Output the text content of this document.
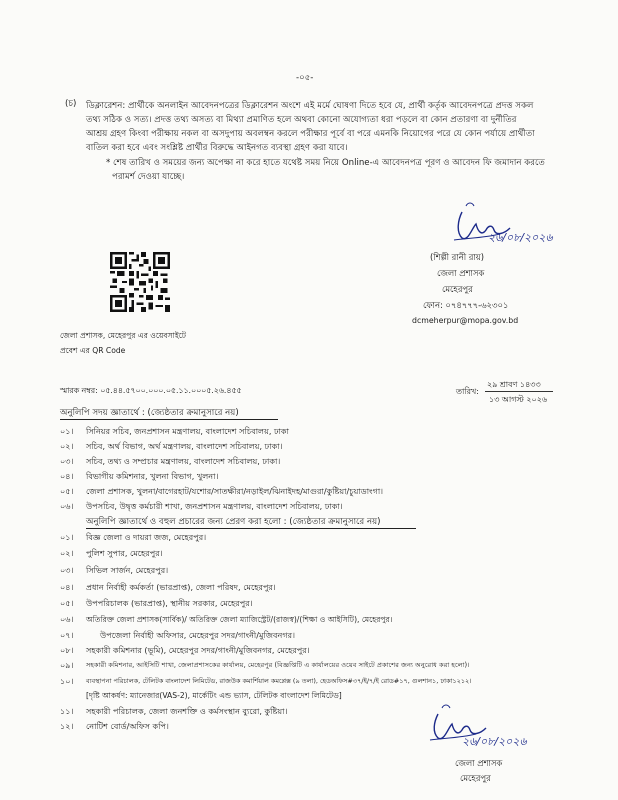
-০৫-
(চ) ডিক্লারেশন: প্রার্থীকে অনলাইন আবেদনপত্রের ডিক্লারেশন অংশে এই মর্মে ঘোষণা দিতে হবে যে, প্রার্থী কর্তৃক আবেদনপত্রে প্রদত্ত সকল
তথ্য সঠিক ও সত্য। প্রদত্ত তথ্য অসত্য বা মিথ্যা প্রমাণিত হলে অথবা কোনো অযোগ্যতা ধরা পড়লে বা কোন প্রতারণা বা দুর্নীতির
আশ্রয় গ্রহণ কিংবা পরীক্ষায় নকল বা অসদুপায় অবলম্বন করলে পরীক্ষার পূর্বে বা পরে এমনকি নিয়োগের পরে যে কোন পর্যায়ে প্রার্থীতা
বাতিল করা হবে এবং সংশ্লিষ্ট প্রার্থীর বিরুদ্ধে আইনগত ব্যবস্থা গ্রহণ করা যাবে।
* শেষ তারিখ ও সময়ের জন্য অপেক্ষা না করে হাতে যথেষ্ট সময় নিয়ে Online-এ আবেদনপত্র পূরণ ও আবেদন ফি জমাদান করতে
পরামর্শ দেওয়া যাচ্ছে।
২৬/০৮/২০২৬
(শিল্পী রানী রায়)
জেলা প্রশাসক
মেহেরপুর
ফোন: ০৭৪৭৭৭-৬২৩০১
dcmeherpur@mopa.gov.bd
জেলা প্রশাসক, মেহেরপুর এর ওয়েবসাইটে
প্রবেশ এর QR Code
স্মারক নম্বর: ০৫.৪৪.৫৭০০.০০০.০৫.১১.০০০৫.২৬.৪৫৫	তারিখ:
২৯ শ্রাবণ ১৪৩৩
১৩ আগস্ট ২০২৬
অনুলিপি সদয় জ্ঞাতার্থে : (জ্যেষ্ঠতার ক্রমানুসারে নয়)
০১। সিনিয়র সচিব, জনপ্রশাসন মন্ত্রণালয়, বাংলাদেশ সচিবালয়, ঢাকা
০২। সচিব, অর্থ বিভাগ, অর্থ মন্ত্রণালয়, বাংলাদেশ সচিবালয়, ঢাকা।
০৩। সচিব, তথ্য ও সম্প্রচার মন্ত্রণালয়, বাংলাদেশ সচিবালয়, ঢাকা।
০৪। বিভাগীয় কমিশনার, খুলনা বিভাগ, খুলনা।
০৫। জেলা প্রশাসক, খুলনা/বাগেরহাট/যশোর/সাতক্ষীরা/নড়াইল/ঝিনাইদহ/মাগুরা/কুষ্টিয়া/চুয়াডাংগা।
০৬। উপসচিব, উদ্বৃত্ত কর্মচারী শাখা, জনপ্রশাসন মন্ত্রণালয়, বাংলাদেশ সচিবালয়, ঢাকা।
অনুলিপি জ্ঞাতার্থে ও বহুল প্রচারের জন্য প্রেরণ করা হলো : (জ্যেষ্ঠতার ক্রমানুসারে নয়)
০১। বিজ্ঞ জেলা ও দায়রা জজ, মেহেরপুর।
০২। পুলিশ সুপার, মেহেরপুর।
০৩। সিভিল সার্জন, মেহেরপুর।
০৪। প্রধান নির্বাহী কর্মকর্তা (ভারপ্রাপ্ত), জেলা পরিষদ, মেহেরপুর।
০৫। উপপরিচালক (ভারপ্রাপ্ত), স্থানীয় সরকার, মেহেরপুর।
০৬। অতিরিক্ত জেলা প্রশাসক(সার্বিক)/ অতিরিক্ত জেলা ম্যাজিস্ট্রেট/(রাজস্ব)/(শিক্ষা ও আইসিটি), মেহেরপুর।
০৭।	উপজেলা নির্বাহী অফিসার, মেহেরপুর সদর/গাংনী/মুজিবনগর।
০৮। সহকারী কমিশনার (ভূমি), মেহেরপুর সদর/গাংনী/মুজিবনগর, মেহেরপুর।
০৯। সহকারী কমিশনার, আইসিটি শাখা, জেলাপ্রশাসকের কার্যালয়, মেহেরপুর (বিজ্ঞপ্তিটি এ কার্যালয়ের ওয়েব সাইটে প্রকাশের জন্য অনুরোধ করা হলো)।
১০। ব্যবস্থাপনা পরিচালক, টেলিটক বাংলাদেশ লিমিটেড, রাজউক কমার্শিয়াল কমপ্লেক্স (৯ তলা), হেডঅফিস#৩৭/ই/৭/ই রোড#১৭, গুলশান১, ঢাকা১২১২।
[দৃষ্টি আকর্ষণ: ম্যানেজার(VAS-2), মার্কেটিং এন্ড ভ্যাস, টেলিটক বাংলাদেশ লিমিটেড]
১১। সহকারী পরিচালক, জেলা জনশক্তি ও কর্মসংস্থান ব্যুরো, কুষ্টিয়া।
১২। নোটিশ বোর্ড/অফিস কপি।
২৬/০৮/২০২৬
জেলা প্রশাসক
মেহেরপুর
